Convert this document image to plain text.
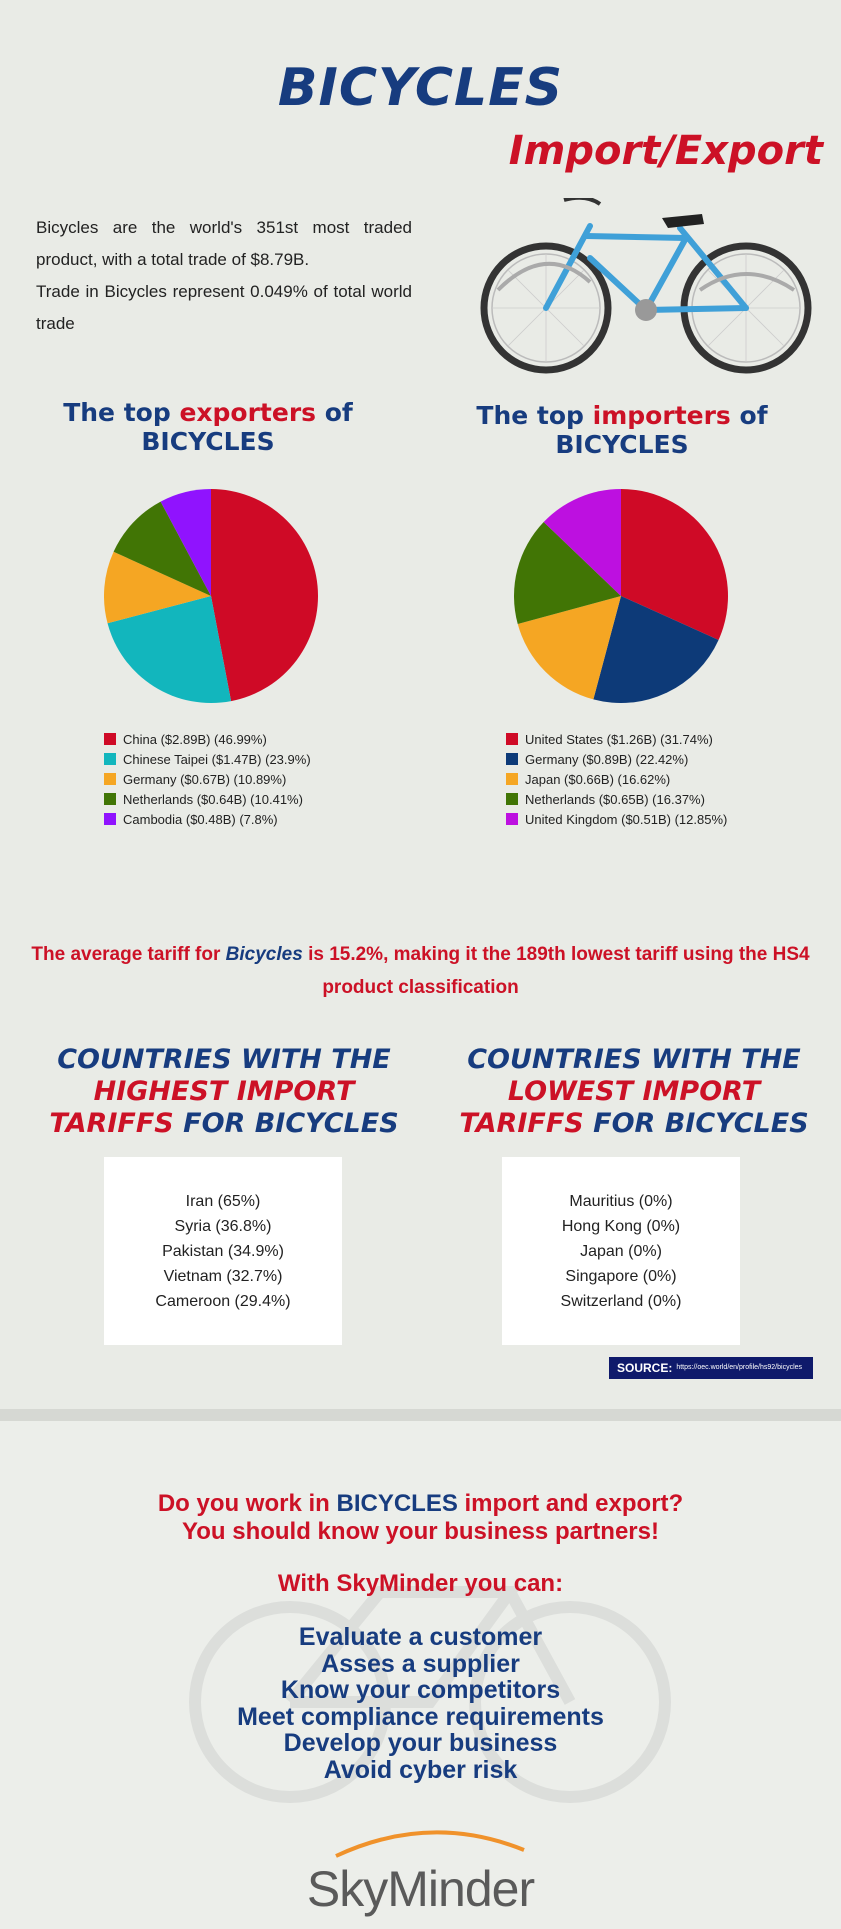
BICYCLES
Import/Export

Bicycles are the world's 351st most traded product, with a total trade of $8.79B.

Trade in Bicycles represent 0.049% of total world trade

The top exporters of
BICYCLES
China ($2.89B) (46.99%)
Chinese Taipei ($1.47B) (23.9%)
Germany ($0.67B) (10.89%)
Netherlands ($0.64B) (10.41%)
Cambodia ($0.48B) (7.8%)
The top importers of
BICYCLES
United States ($1.26B) (31.74%)
Germany ($0.89B) (22.42%)
Japan ($0.66B) (16.62%)
Netherlands ($0.65B) (16.37%)
United Kingdom ($0.51B) (12.85%)
The average tariff for Bicycles is 15.2%, making it the 189th lowest tariff using the HS4 product classification
COUNTRIES WITH THE
HIGHEST IMPORT
TARIFFS FOR BICYCLES
Iran (65%)
Syria (36.8%)
Pakistan (34.9%)
Vietnam (32.7%)
Cameroon (29.4%)
COUNTRIES WITH THE
LOWEST IMPORT
TARIFFS FOR BICYCLES
Mauritius (0%)
Hong Kong (0%)
Japan (0%)
Singapore (0%)
Switzerland (0%)
SOURCE: https://oec.world/en/profile/hs92/bicycles
Do you work in BICYCLES import and export?
You should know your business partners!
With SkyMinder you can:
Evaluate a customer
Asses a supplier
Know your competitors
Meet compliance requirements
Develop your business
Avoid cyber risk
SkyMinder
